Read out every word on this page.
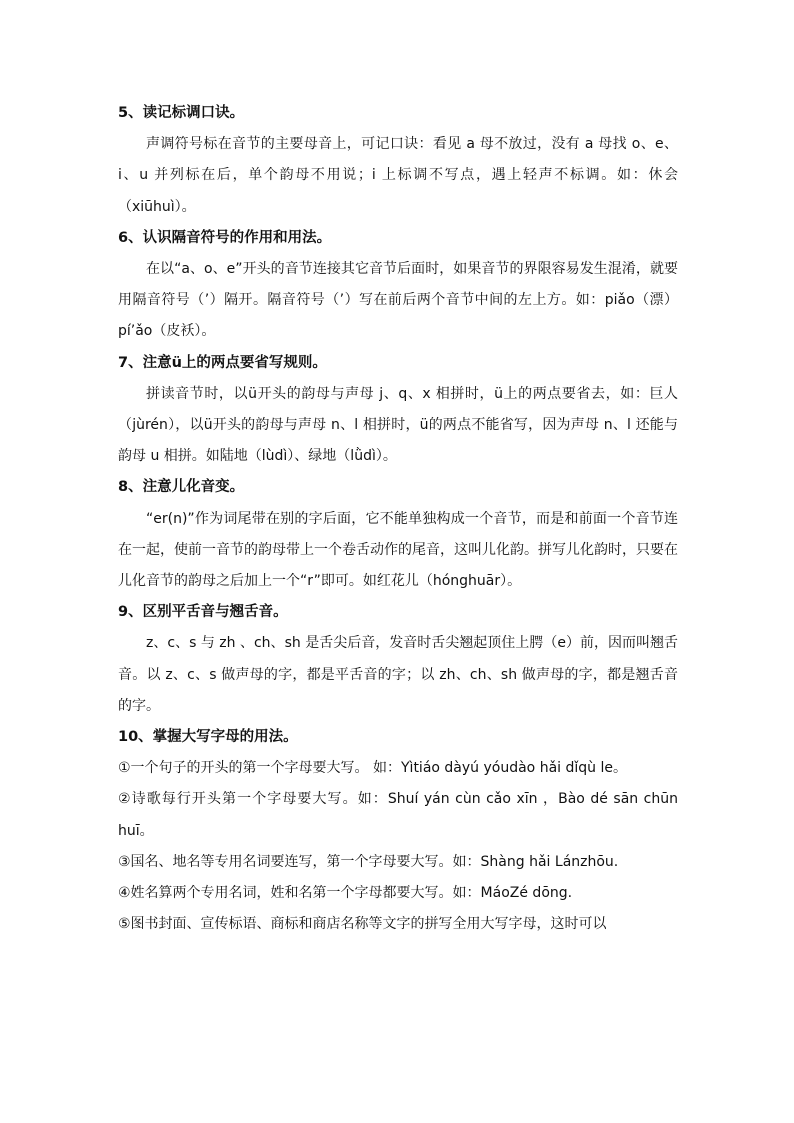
5、读记标调口诀。

声调符号标在音节的主要母音上，可记口诀：看见 a 母不放过，没有 a 母找 o、e、i、u 并列标在后，单个韵母不用说；i 上标调不写点，遇上轻声不标调。如：休会（xiūhuì）。

6、认识隔音符号的作用和用法。

在以“a、o、e”开头的音节连接其它音节后面时，如果音节的界限容易发生混淆，就要用隔音符号（’）隔开。隔音符号（’）写在前后两个音节中间的左上方。如：piǎo（漂） pí’ǎo（皮袄）。

7、注意ü上的两点要省写规则。

拼读音节时，以ü开头的韵母与声母 j、q、x 相拼时，ü上的两点要省去，如：巨人（jùrén），以ü开头的韵母与声母 n、l 相拼时，ü的两点不能省写，因为声母 n、l 还能与韵母 u 相拼。如陆地（lùdì）、绿地（lǜdì）。

8、注意儿化音变。

“er(n)”作为词尾带在别的字后面，它不能单独构成一个音节，而是和前面一个音节连在一起，使前一音节的韵母带上一个卷舌动作的尾音，这叫儿化韵。拼写儿化韵时，只要在儿化音节的韵母之后加上一个“r”即可。如红花儿（hónghuār）。

9、区别平舌音与翘舌音。

z、c、s 与 zh 、ch、sh 是舌尖后音，发音时舌尖翘起顶住上腭（e）前，因而叫翘舌音。以 z、c、s 做声母的字，都是平舌音的字；以 zh、ch、sh 做声母的字，都是翘舌音的字。

10、掌握大写字母的用法。

①一个句子的开头的第一个字母要大写。 如：Yìtiáo dàyú yóudào hǎi dǐqù le。

②诗歌每行开头第一个字母要大写。如：Shuí yán cùn cǎo xīn ，Bào dé sān chūn huī。

③国名、地名等专用名词要连写，第一个字母要大写。如：Shàng hǎi Lánzhōu.

④姓名算两个专用名词，姓和名第一个字母都要大写。如：MáoZé dōng.

⑤图书封面、宣传标语、商标和商店名称等文字的拼写全用大写字母，这时可以
